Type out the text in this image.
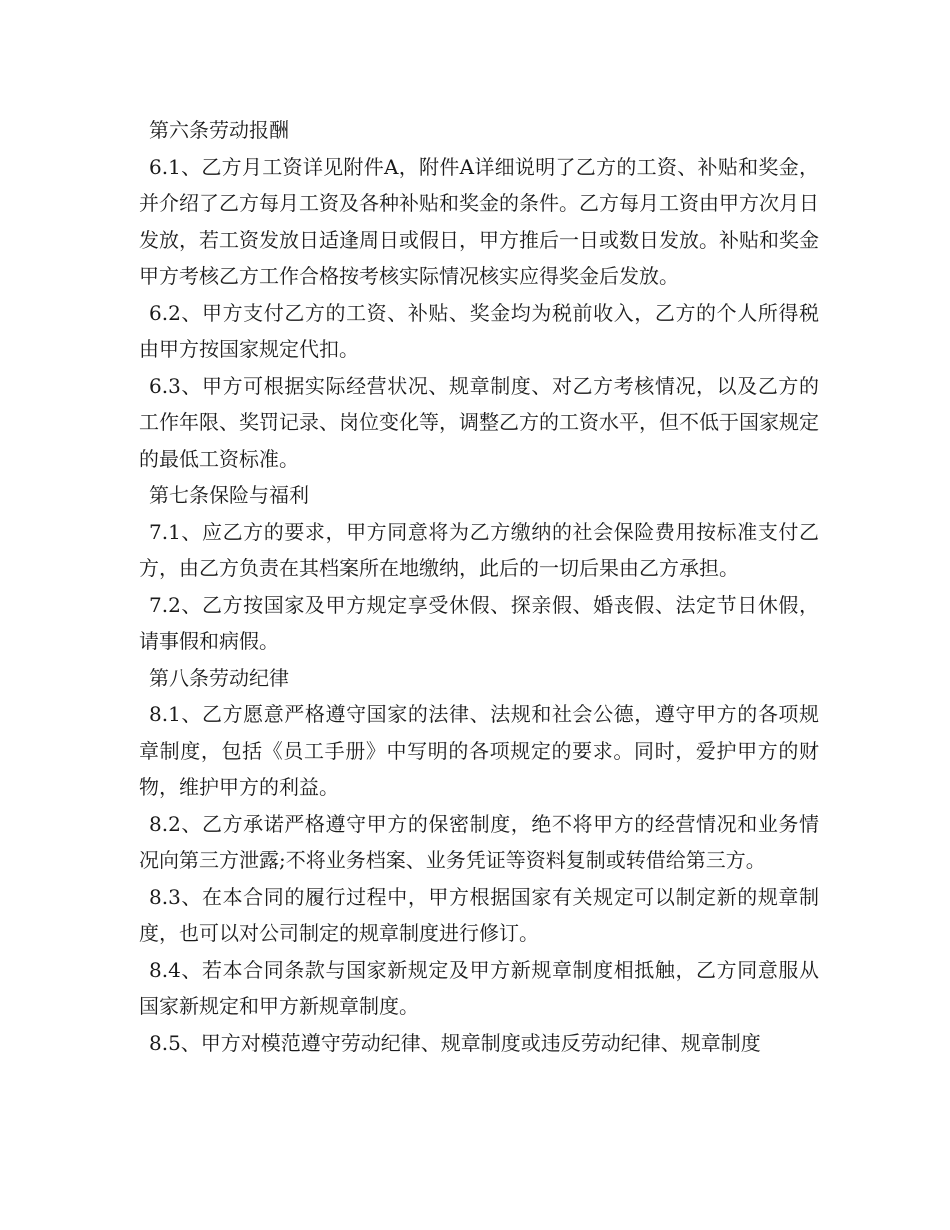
第六条劳动报酬

6.1、乙方月工资详见附件A，附件A详细说明了乙方的工资、补贴和奖金，并介绍了乙方每月工资及各种补贴和奖金的条件。乙方每月工资由甲方次月日发放，若工资发放日适逢周日或假日，甲方推后一日或数日发放。补贴和奖金甲方考核乙方工作合格按考核实际情况核实应得奖金后发放。

6.2、甲方支付乙方的工资、补贴、奖金均为税前收入，乙方的个人所得税由甲方按国家规定代扣。

6.3、甲方可根据实际经营状况、规章制度、对乙方考核情况，以及乙方的工作年限、奖罚记录、岗位变化等，调整乙方的工资水平，但不低于国家规定的最低工资标准。

第七条保险与福利

7.1、应乙方的要求，甲方同意将为乙方缴纳的社会保险费用按标准支付乙方，由乙方负责在其档案所在地缴纳，此后的一切后果由乙方承担。

7.2、乙方按国家及甲方规定享受休假、探亲假、婚丧假、法定节日休假，请事假和病假。

第八条劳动纪律

8.1、乙方愿意严格遵守国家的法律、法规和社会公德，遵守甲方的各项规章制度，包括《员工手册》中写明的各项规定的要求。同时，爱护甲方的财物，维护甲方的利益。

8.2、乙方承诺严格遵守甲方的保密制度，绝不将甲方的经营情况和业务情况向第三方泄露;不将业务档案、业务凭证等资料复制或转借给第三方。

8.3、在本合同的履行过程中，甲方根据国家有关规定可以制定新的规章制度，也可以对公司制定的规章制度进行修订。

8.4、若本合同条款与国家新规定及甲方新规章制度相抵触，乙方同意服从国家新规定和甲方新规章制度。

8.5、甲方对模范遵守劳动纪律、规章制度或违反劳动纪律、规章制度
